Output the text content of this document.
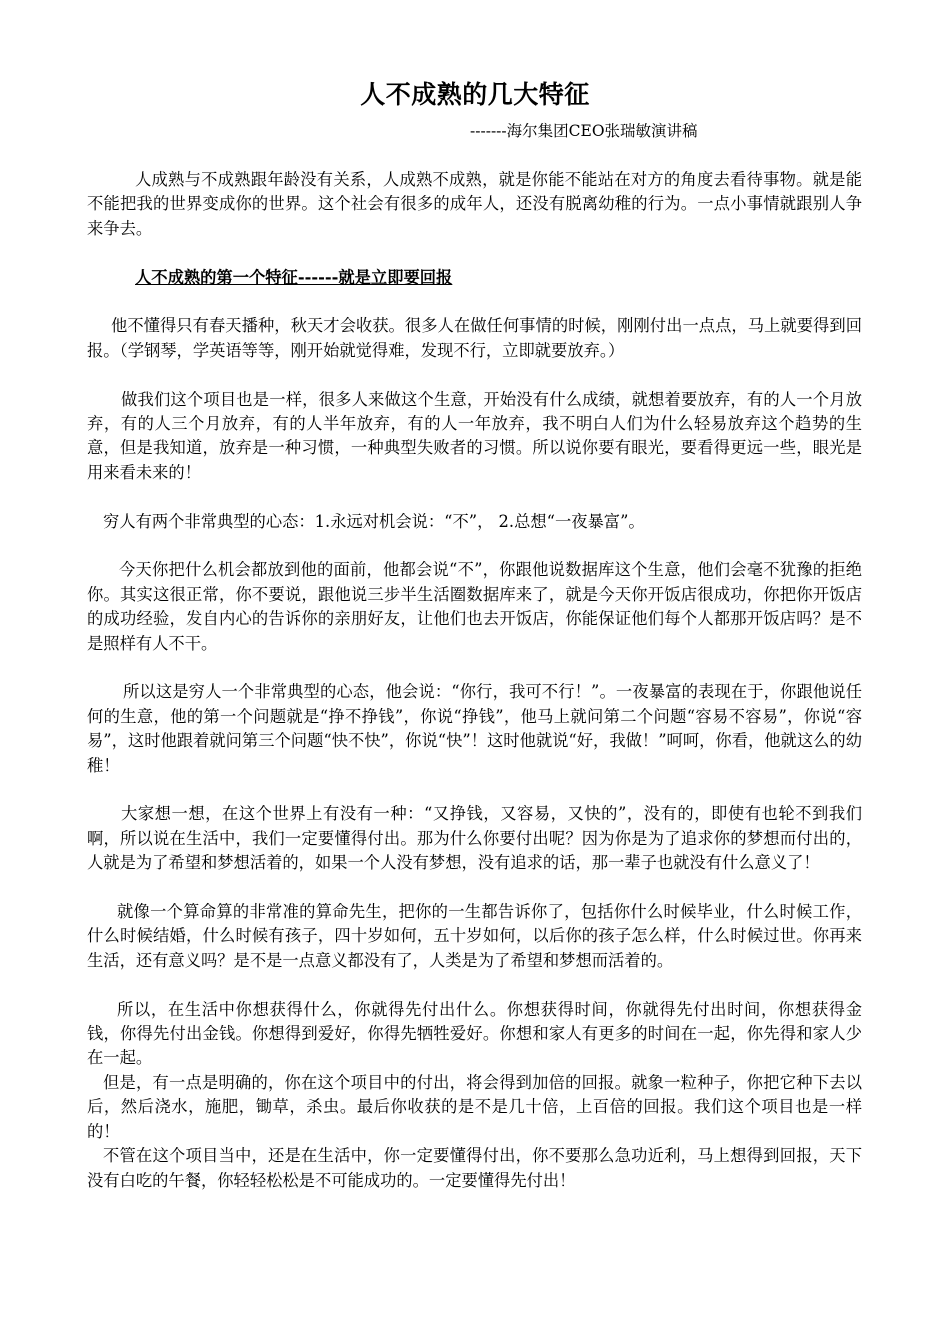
人不成熟的几大特征
-------海尔集团CEO张瑞敏演讲稿

人成熟与不成熟跟年龄没有关系，人成熟不成熟，就是你能不能站在对方的角度去看待事物。就是能不能把我的世界变成你的世界。这个社会有很多的成年人，还没有脱离幼稚的行为。一点小事情就跟别人争来争去。

人不成熟的第一个特征------就是立即要回报

他不懂得只有春天播种，秋天才会收获。很多人在做任何事情的时候，刚刚付出一点点，马上就要得到回报。（学钢琴，学英语等等，刚开始就觉得难，发现不行，立即就要放弃。）

做我们这个项目也是一样，很多人来做这个生意，开始没有什么成绩，就想着要放弃，有的人一个月放弃，有的人三个月放弃，有的人半年放弃，有的人一年放弃，我不明白人们为什么轻易放弃这个趋势的生意，但是我知道，放弃是一种习惯，一种典型失败者的习惯。所以说你要有眼光，要看得更远一些，眼光是用来看未来的！

穷人有两个非常典型的心态：1.永远对机会说：“不”， 2.总想“一夜暴富”。

今天你把什么机会都放到他的面前，他都会说“不”，你跟他说数据库这个生意，他们会毫不犹豫的拒绝你。其实这很正常，你不要说，跟他说三步半生活圈数据库来了，就是今天你开饭店很成功，你把你开饭店的成功经验，发自内心的告诉你的亲朋好友，让他们也去开饭店，你能保证他们每个人都那开饭店吗？是不是照样有人不干。

所以这是穷人一个非常典型的心态，他会说：“你行，我可不行！”。一夜暴富的表现在于，你跟他说任何的生意，他的第一个问题就是“挣不挣钱”，你说“挣钱”，他马上就问第二个问题“容易不容易”，你说“容易”，这时他跟着就问第三个问题“快不快”，你说“快”！这时他就说“好，我做！”呵呵，你看，他就这么的幼稚！

大家想一想，在这个世界上有没有一种：“又挣钱，又容易，又快的”，没有的，即使有也轮不到我们啊，所以说在生活中，我们一定要懂得付出。那为什么你要付出呢？因为你是为了追求你的梦想而付出的，人就是为了希望和梦想活着的，如果一个人没有梦想，没有追求的话，那一辈子也就没有什么意义了！

就像一个算命算的非常准的算命先生，把你的一生都告诉你了，包括你什么时候毕业，什么时候工作，什么时候结婚，什么时候有孩子，四十岁如何，五十岁如何，以后你的孩子怎么样，什么时候过世。你再来生活，还有意义吗？是不是一点意义都没有了，人类是为了希望和梦想而活着的。

所以，在生活中你想获得什么，你就得先付出什么。你想获得时间，你就得先付出时间，你想获得金钱，你得先付出金钱。你想得到爱好，你得先牺牲爱好。你想和家人有更多的时间在一起，你先得和家人少在一起。

但是，有一点是明确的，你在这个项目中的付出，将会得到加倍的回报。就象一粒种子，你把它种下去以后，然后浇水，施肥，锄草，杀虫。最后你收获的是不是几十倍，上百倍的回报。我们这个项目也是一样的！

不管在这个项目当中，还是在生活中，你一定要懂得付出，你不要那么急功近利，马上想得到回报，天下没有白吃的午餐，你轻轻松松是不可能成功的。一定要懂得先付出！
